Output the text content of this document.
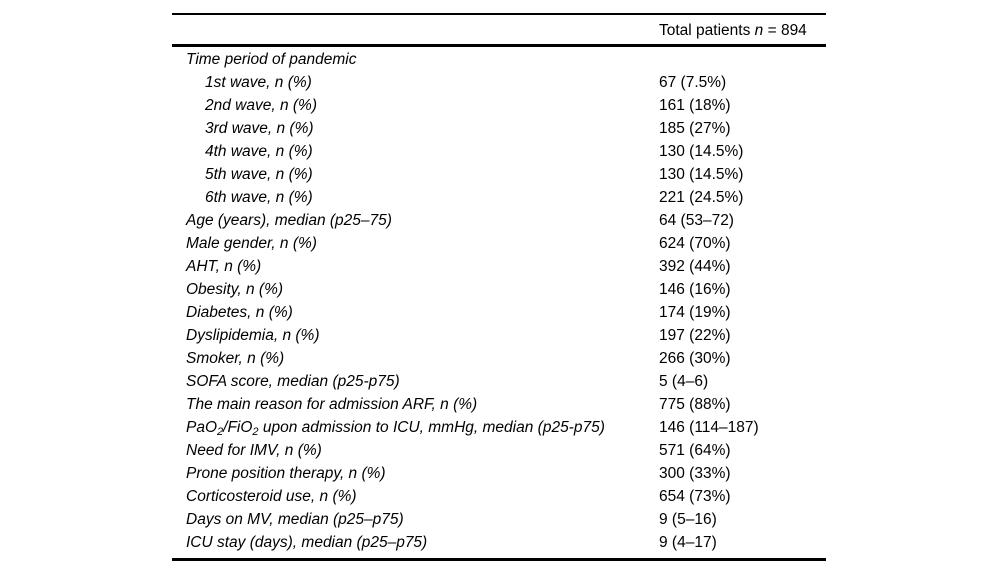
Total patients n = 894
Time period of pandemic
1st wave, n (%)	67 (7.5%)
2nd wave, n (%)	161 (18%)
3rd wave, n (%)	185 (27%)
4th wave, n (%)	130 (14.5%)
5th wave, n (%)	130 (14.5%)
6th wave, n (%)	221 (24.5%)
Age (years), median (p25–75)	64 (53–72)
Male gender, n (%)	624 (70%)
AHT, n (%)	392 (44%)
Obesity, n (%)	146 (16%)
Diabetes, n (%)	174 (19%)
Dyslipidemia, n (%)	197 (22%)
Smoker, n (%)	266 (30%)
SOFA score, median (p25-p75)	5 (4–6)
The main reason for admission ARF, n (%)	775 (88%)
PaO2/FiO2 upon admission to ICU, mmHg, median (p25-p75)	146 (114–187)
Need for IMV, n (%)	571 (64%)
Prone position therapy, n (%)	300 (33%)
Corticosteroid use, n (%)	654 (73%)
Days on MV, median (p25–p75)	9 (5–16)
ICU stay (days), median (p25–p75)	9 (4–17)
